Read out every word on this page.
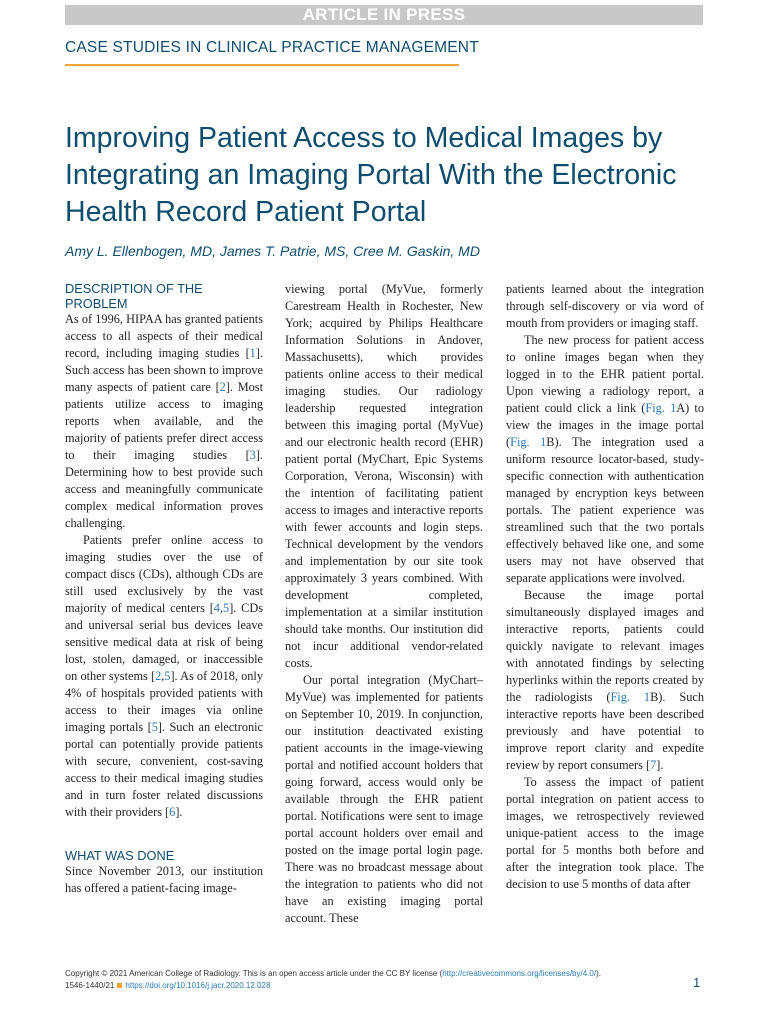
ARTICLE IN PRESS
CASE STUDIES IN CLINICAL PRACTICE MANAGEMENT
Improving Patient Access to Medical Images by Integrating an Imaging Portal With the Electronic Health Record Patient Portal
Amy L. Ellenbogen, MD, James T. Patrie, MS, Cree M. Gaskin, MD
DESCRIPTION OF THE PROBLEM

As of 1996, HIPAA has granted patients access to all aspects of their medical record, including imaging studies [1]. Such access has been shown to improve many aspects of patient care [2]. Most patients utilize access to imaging reports when available, and the majority of patients prefer direct access to their imaging studies [3]. Determining how to best provide such access and meaningfully communicate complex medical information proves challenging.

Patients prefer online access to imaging studies over the use of compact discs (CDs), although CDs are still used exclusively by the vast majority of medical centers [4,5]. CDs and universal serial bus devices leave sensitive medical data at risk of being lost, stolen, damaged, or inaccessible on other systems [2,5]. As of 2018, only 4% of hospitals provided patients with access to their images via online imaging portals [5]. Such an electronic portal can potentially provide patients with secure, convenient, cost-saving access to their medical imaging studies and in turn foster related discussions with their providers [6].

WHAT WAS DONE

Since November 2013, our institution has offered a patient-facing image-

viewing portal (MyVue, formerly Carestream Health in Rochester, New York; acquired by Philips Healthcare Information Solutions in Andover, Massachusetts), which provides patients online access to their medical imaging studies. Our radiology leadership requested integration between this imaging portal (MyVue) and our electronic health record (EHR) patient portal (MyChart, Epic Systems Corporation, Verona, Wisconsin) with the intention of facilitating patient access to images and interactive reports with fewer accounts and login steps. Technical development by the vendors and implementation by our site took approximately 3 years combined. With development completed, implementation at a similar institution should take months. Our institution did not incur additional vendor-related costs.

Our portal integration (MyChart–MyVue) was implemented for patients on September 10, 2019. In conjunction, our institution deactivated existing patient accounts in the image-viewing portal and notified account holders that going forward, access would only be available through the EHR patient portal. Notifications were sent to image portal account holders over email and posted on the image portal login page. There was no broadcast message about the integration to patients who did not have an existing imaging portal account. These

patients learned about the integration through self-discovery or via word of mouth from providers or imaging staff.

The new process for patient access to online images began when they logged in to the EHR patient portal. Upon viewing a radiology report, a patient could click a link (Fig. 1A) to view the images in the image portal (Fig. 1B). The integration used a uniform resource locator-based, study-specific connection with authentication managed by encryption keys between portals. The patient experience was streamlined such that the two portals effectively behaved like one, and some users may not have observed that separate applications were involved.

Because the image portal simultaneously displayed images and interactive reports, patients could quickly navigate to relevant images with annotated findings by selecting hyperlinks within the reports created by the radiologists (Fig. 1B). Such interactive reports have been described previously and have potential to improve report clarity and expedite review by report consumers [7].

To assess the impact of patient portal integration on patient access to images, we retrospectively reviewed unique-patient access to the image portal for 5 months both before and after the integration took place. The decision to use 5 months of data after

Copyright © 2021 American College of Radiology. This is an open access article under the CC BY license (http://creativecommons.org/licenses/by/4.0/).
1546-1440/21 https://doi.org/10.1016/j.jacr.2020.12.028	1
